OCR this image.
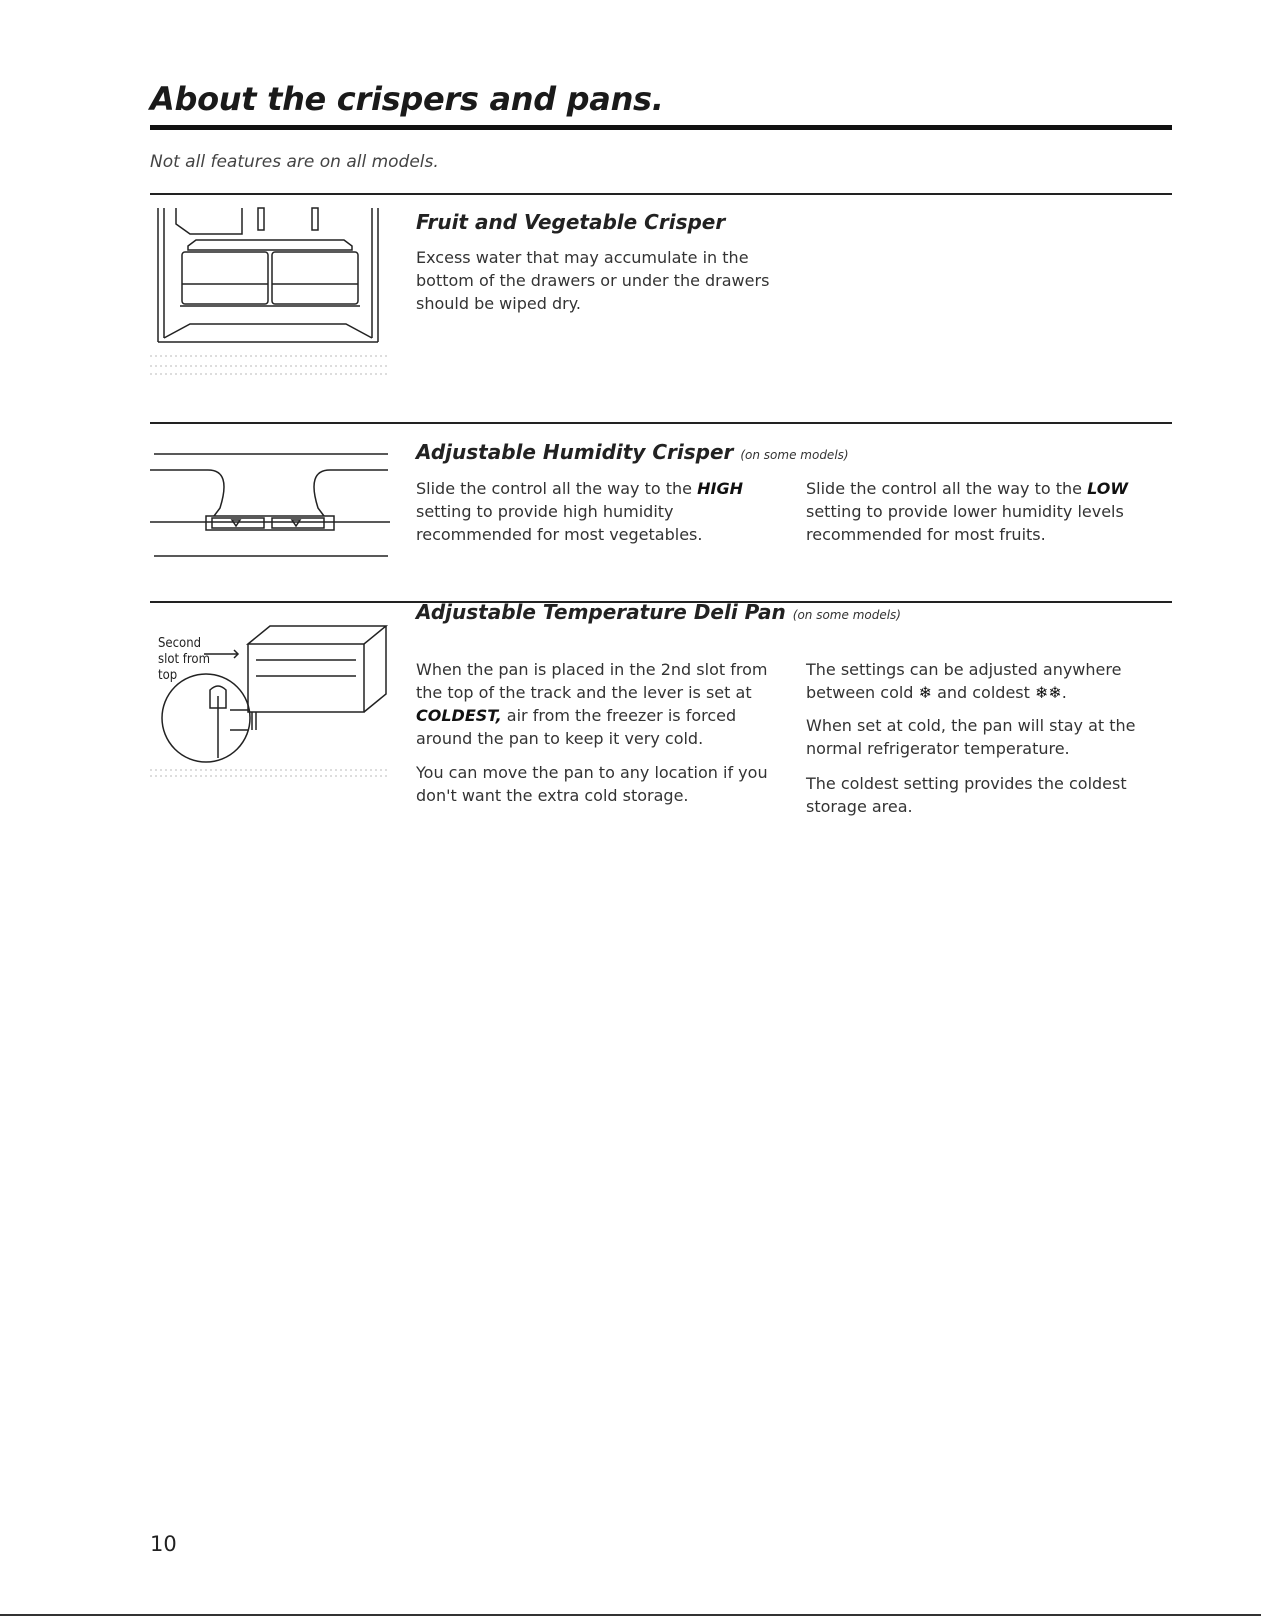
About the crispers and pans.
Not all features are on all models.
Fruit and Vegetable Crisper

Excess water that may accumulate in the bottom of the drawers or under the drawers should be wiped dry.

Adjustable Humidity Crisper (on some models)

Slide the control all the way to the HIGH setting to provide high humidity recommended for most vegetables.

Slide the control all the way to the LOW setting to provide lower humidity levels recommended for most fruits.

Second slot from top
Adjustable Temperature Deli Pan (on some models)

When the pan is placed in the 2nd slot from the top of the track and the lever is set at COLDEST, air from the freezer is forced around the pan to keep it very cold.

You can move the pan to any location if you don't want the extra cold storage.

The settings can be adjusted anywhere between cold ❄ and coldest ❄❄.

When set at cold, the pan will stay at the normal refrigerator temperature.

The coldest setting provides the coldest storage area.

10
